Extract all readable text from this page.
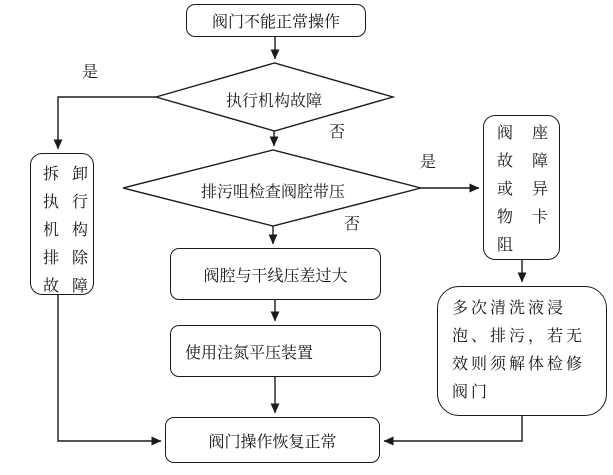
阀门不能正常操作
执行机构故障
排污咀检查阀腔带压
拆卸
执行
机构
排除
故障
阀座
故障
或异
物卡
阻
阀腔与干线压差过大
使用注氮平压装置
多次清洗液浸
泡、排污，若无
效则须解体检修
阀门
阀门操作恢复正常
是
否
是
否
